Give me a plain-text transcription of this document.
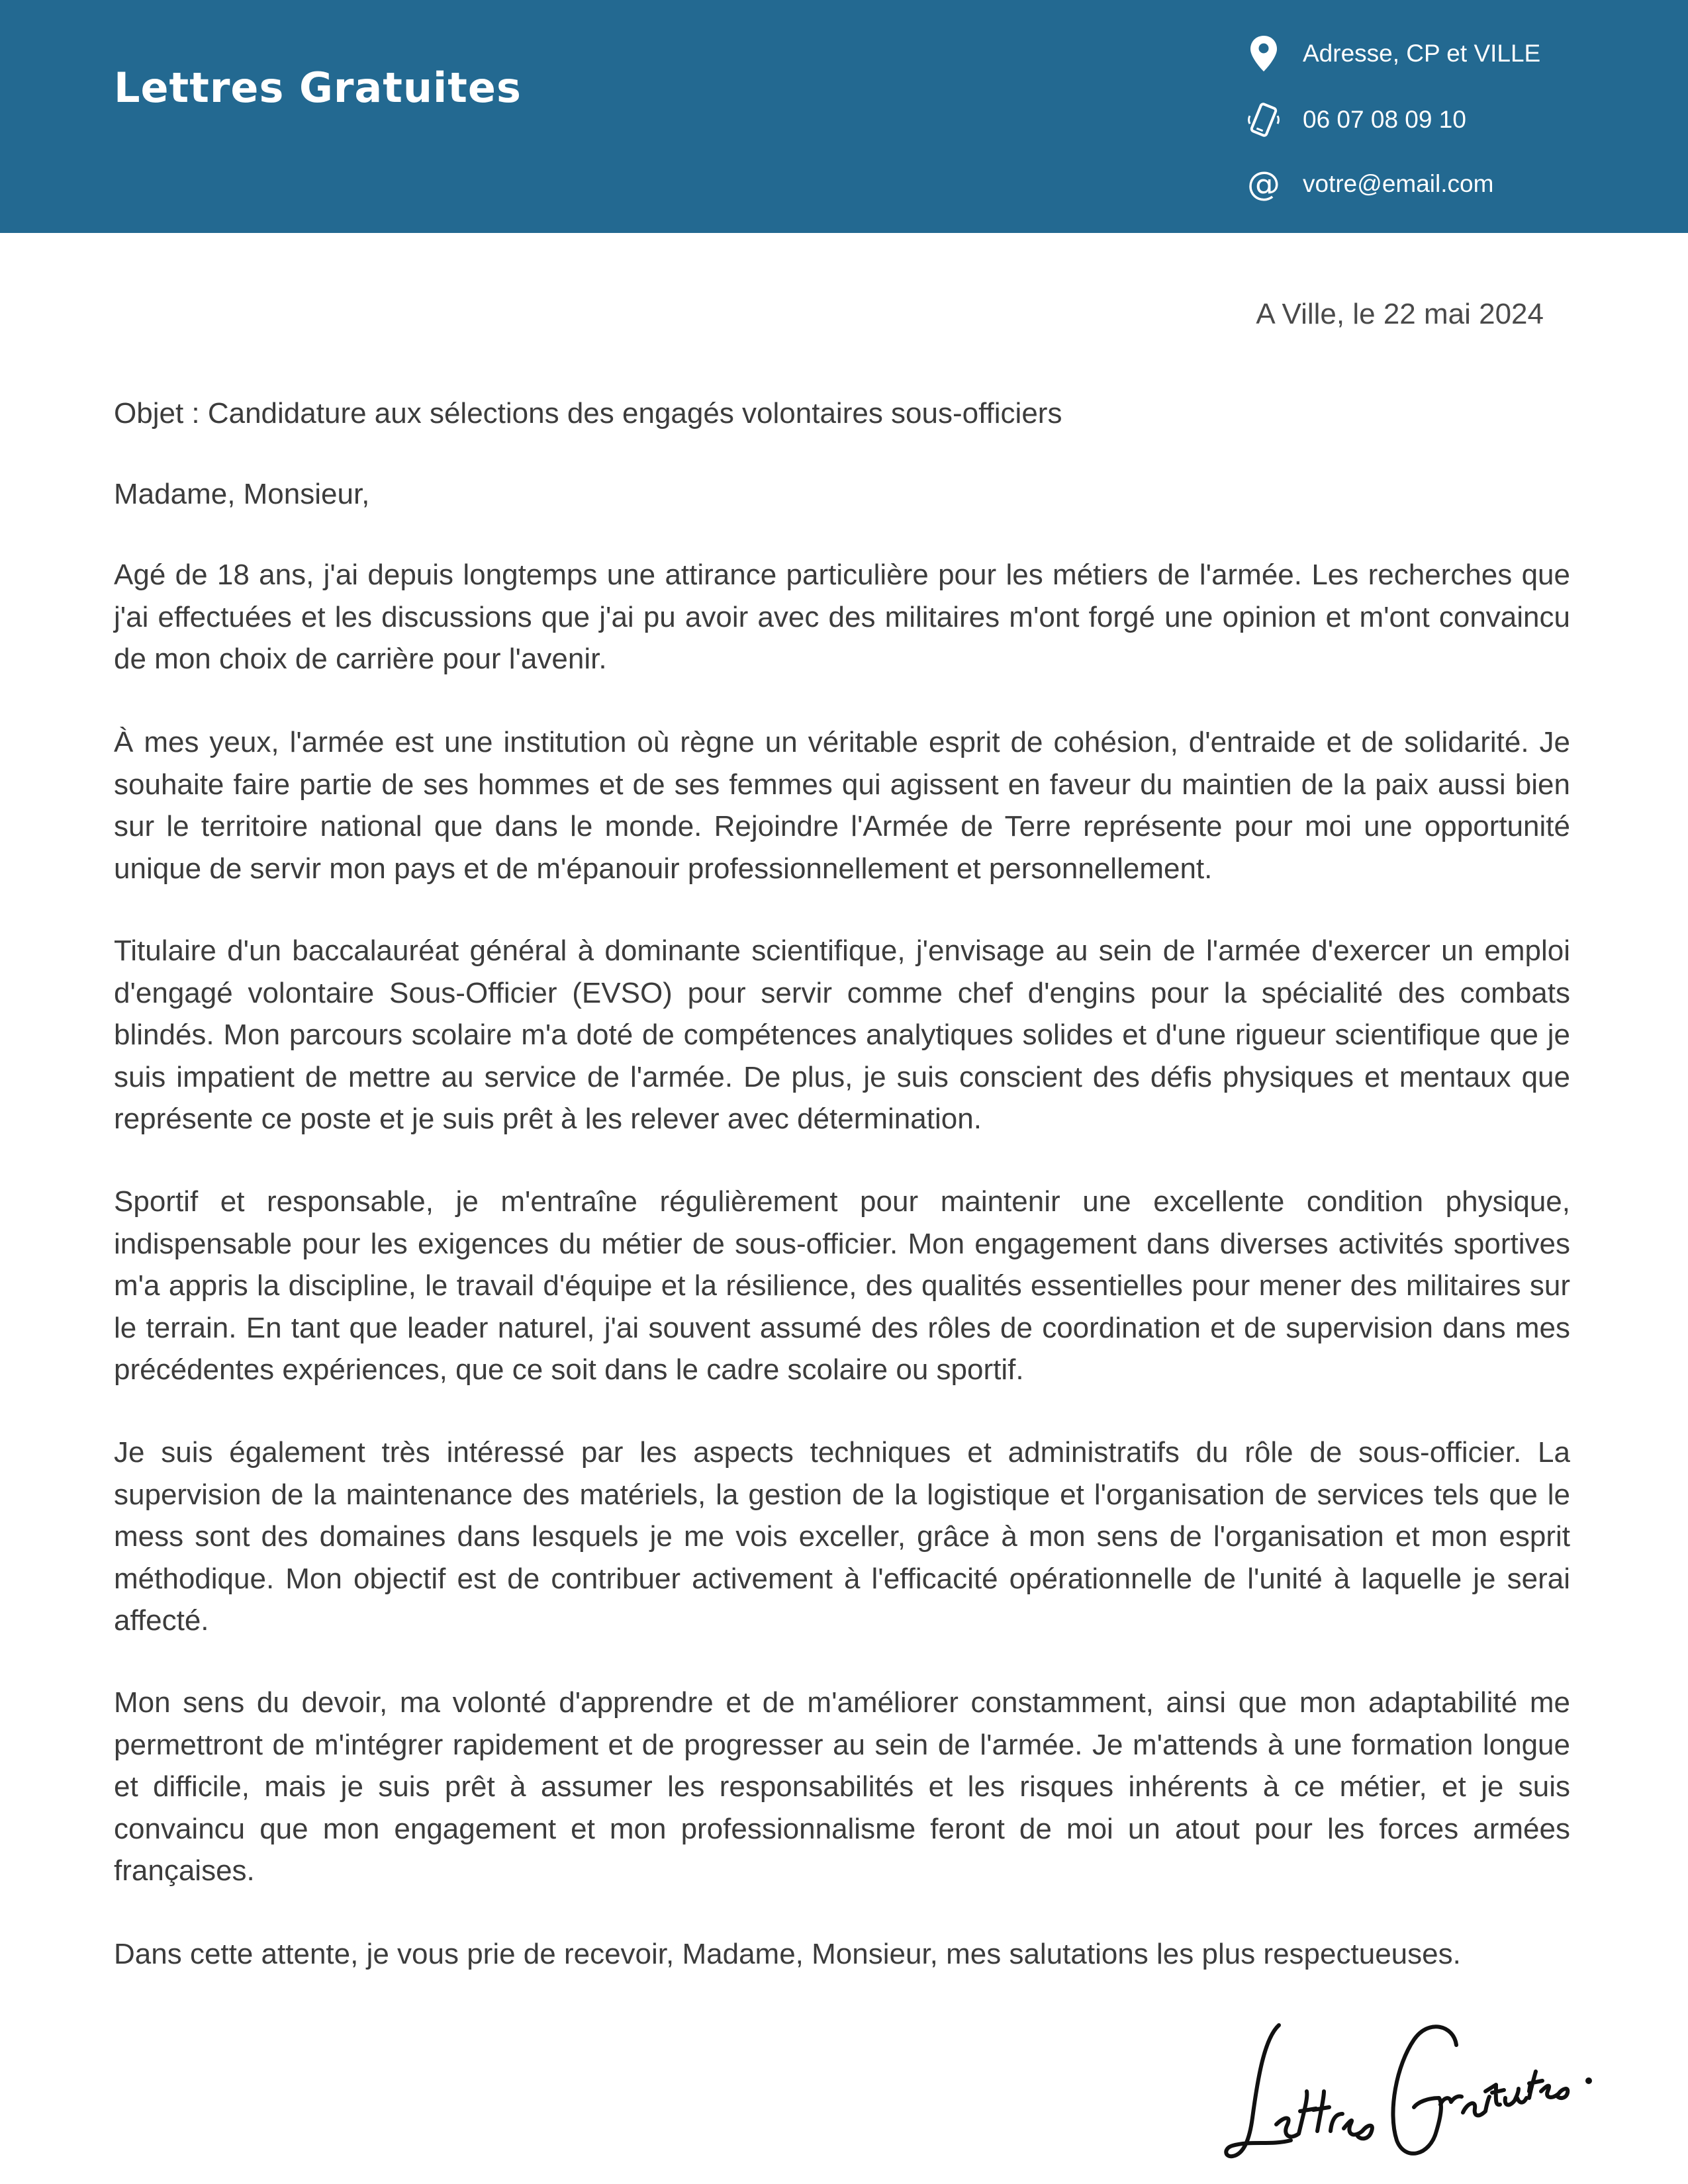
Lettres Gratuites
Adresse, CP et VILLE
06 07 08 09 10
@ votre@email.com
A Ville, le 22 mai 2024
Objet : Candidature aux sélections des engagés volontaires sous-officiers
Madame, Monsieur,

Agé de 18 ans, j'ai depuis longtemps une attirance particulière pour les métiers de l'armée. Les recherches que j'ai effectuées et les discussions que j'ai pu avoir avec des militaires m'ont forgé une opinion et m'ont convaincu de mon choix de carrière pour l'avenir.

À mes yeux, l'armée est une institution où règne un véritable esprit de cohésion, d'entraide et de solidarité. Je souhaite faire partie de ses hommes et de ses femmes qui agissent en faveur du maintien de la paix aussi bien sur le territoire national que dans le monde. Rejoindre l'Armée de Terre représente pour moi une opportunité unique de servir mon pays et de m'épanouir professionnellement et personnellement.

Titulaire d'un baccalauréat général à dominante scientifique, j'envisage au sein de l'armée d'exercer un emploi d'engagé volontaire Sous-Officier (EVSO) pour servir comme chef d'engins pour la spécialité des combats blindés. Mon parcours scolaire m'a doté de compétences analytiques solides et d'une rigueur scientifique que je suis impatient de mettre au service de l'armée. De plus, je suis conscient des défis physiques et mentaux que représente ce poste et je suis prêt à les relever avec détermination.

Sportif et responsable, je m'entraîne régulièrement pour maintenir une excellente condition physique, indispensable pour les exigences du métier de sous-officier. Mon engagement dans diverses activités sportives m'a appris la discipline, le travail d'équipe et la résilience, des qualités essentielles pour mener des militaires sur le terrain. En tant que leader naturel, j'ai souvent assumé des rôles de coordination et de supervision dans mes précédentes expériences, que ce soit dans le cadre scolaire ou sportif.

Je suis également très intéressé par les aspects techniques et administratifs du rôle de sous-officier. La supervision de la maintenance des matériels, la gestion de la logistique et l'organisation de services tels que le mess sont des domaines dans lesquels je me vois exceller, grâce à mon sens de l'organisation et mon esprit méthodique. Mon objectif est de contribuer activement à l'efficacité opérationnelle de l'unité à laquelle je serai affecté.

Mon sens du devoir, ma volonté d'apprendre et de m'améliorer constamment, ainsi que mon adaptabilité me permettront de m'intégrer rapidement et de progresser au sein de l'armée. Je m'attends à une formation longue et difficile, mais je suis prêt à assumer les responsabilités et les risques inhérents à ce métier, et je suis convaincu que mon engagement et mon professionnalisme feront de moi un atout pour les forces armées françaises.

Dans cette attente, je vous prie de recevoir, Madame, Monsieur, mes salutations les plus respectueuses.
